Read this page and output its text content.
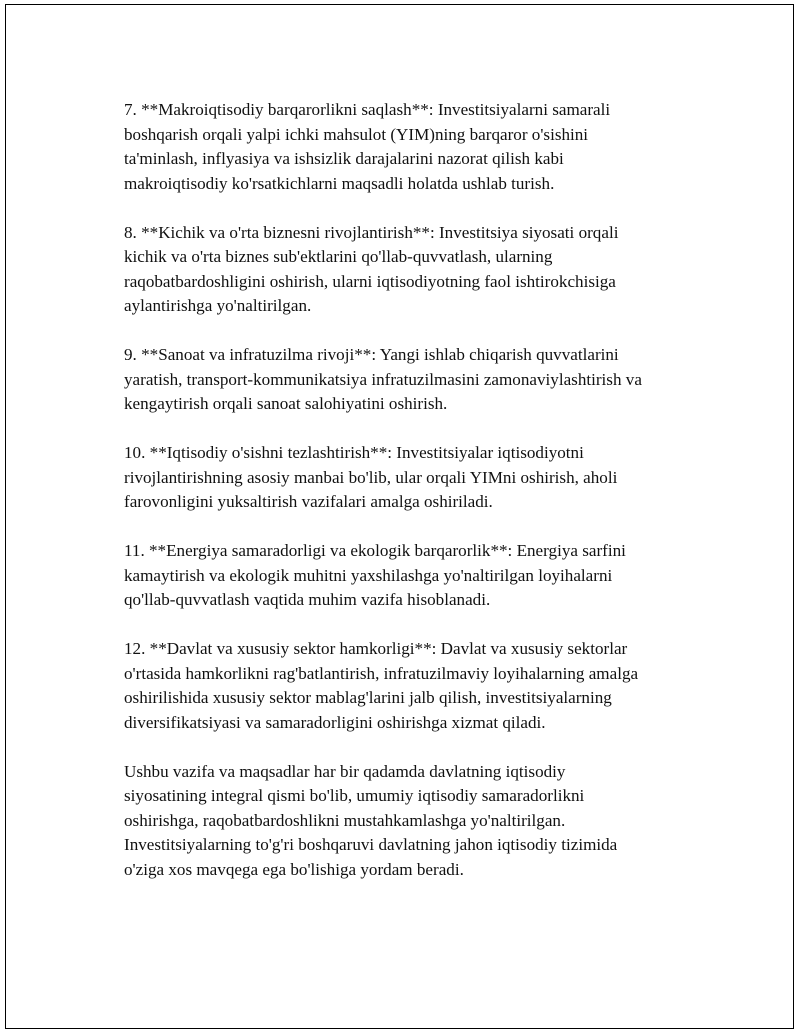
7. **Makroiqtisodiy barqarorlikni saqlash**: Investitsiyalarni samarali
boshqarish orqali yalpi ichki mahsulot (YIM)ning barqaror o'sishini
ta'minlash, inflyasiya va ishsizlik darajalarini nazorat qilish kabi
makroiqtisodiy ko'rsatkichlarni maqsadli holatda ushlab turish.

8. **Kichik va o'rta biznesni rivojlantirish**: Investitsiya siyosati orqali
kichik va o'rta biznes sub'ektlarini qo'llab-quvvatlash, ularning
raqobatbardoshligini oshirish, ularni iqtisodiyotning faol ishtirokchisiga
aylantirishga yo'naltirilgan.

9. **Sanoat va infratuzilma rivoji**: Yangi ishlab chiqarish quvvatlarini
yaratish, transport-kommunikatsiya infratuzilmasini zamonaviylashtirish va
kengaytirish orqali sanoat salohiyatini oshirish.

10. **Iqtisodiy o'sishni tezlashtirish**: Investitsiyalar iqtisodiyotni
rivojlantirishning asosiy manbai bo'lib, ular orqali YIMni oshirish, aholi
farovonligini yuksaltirish vazifalari amalga oshiriladi.

11. **Energiya samaradorligi va ekologik barqarorlik**: Energiya sarfini
kamaytirish va ekologik muhitni yaxshilashga yo'naltirilgan loyihalarni
qo'llab-quvvatlash vaqtida muhim vazifa hisoblanadi.

12. **Davlat va xususiy sektor hamkorligi**: Davlat va xususiy sektorlar
o'rtasida hamkorlikni rag'batlantirish, infratuzilmaviy loyihalarning amalga
oshirilishida xususiy sektor mablag'larini jalb qilish, investitsiyalarning
diversifikatsiyasi va samaradorligini oshirishga xizmat qiladi.

Ushbu vazifa va maqsadlar har bir qadamda davlatning iqtisodiy
siyosatining integral qismi bo'lib, umumiy iqtisodiy samaradorlikni
oshirishga, raqobatbardoshlikni mustahkamlashga yo'naltirilgan.
Investitsiyalarning to'g'ri boshqaruvi davlatning jahon iqtisodiy tizimida
o'ziga xos mavqega ega bo'lishiga yordam beradi.
